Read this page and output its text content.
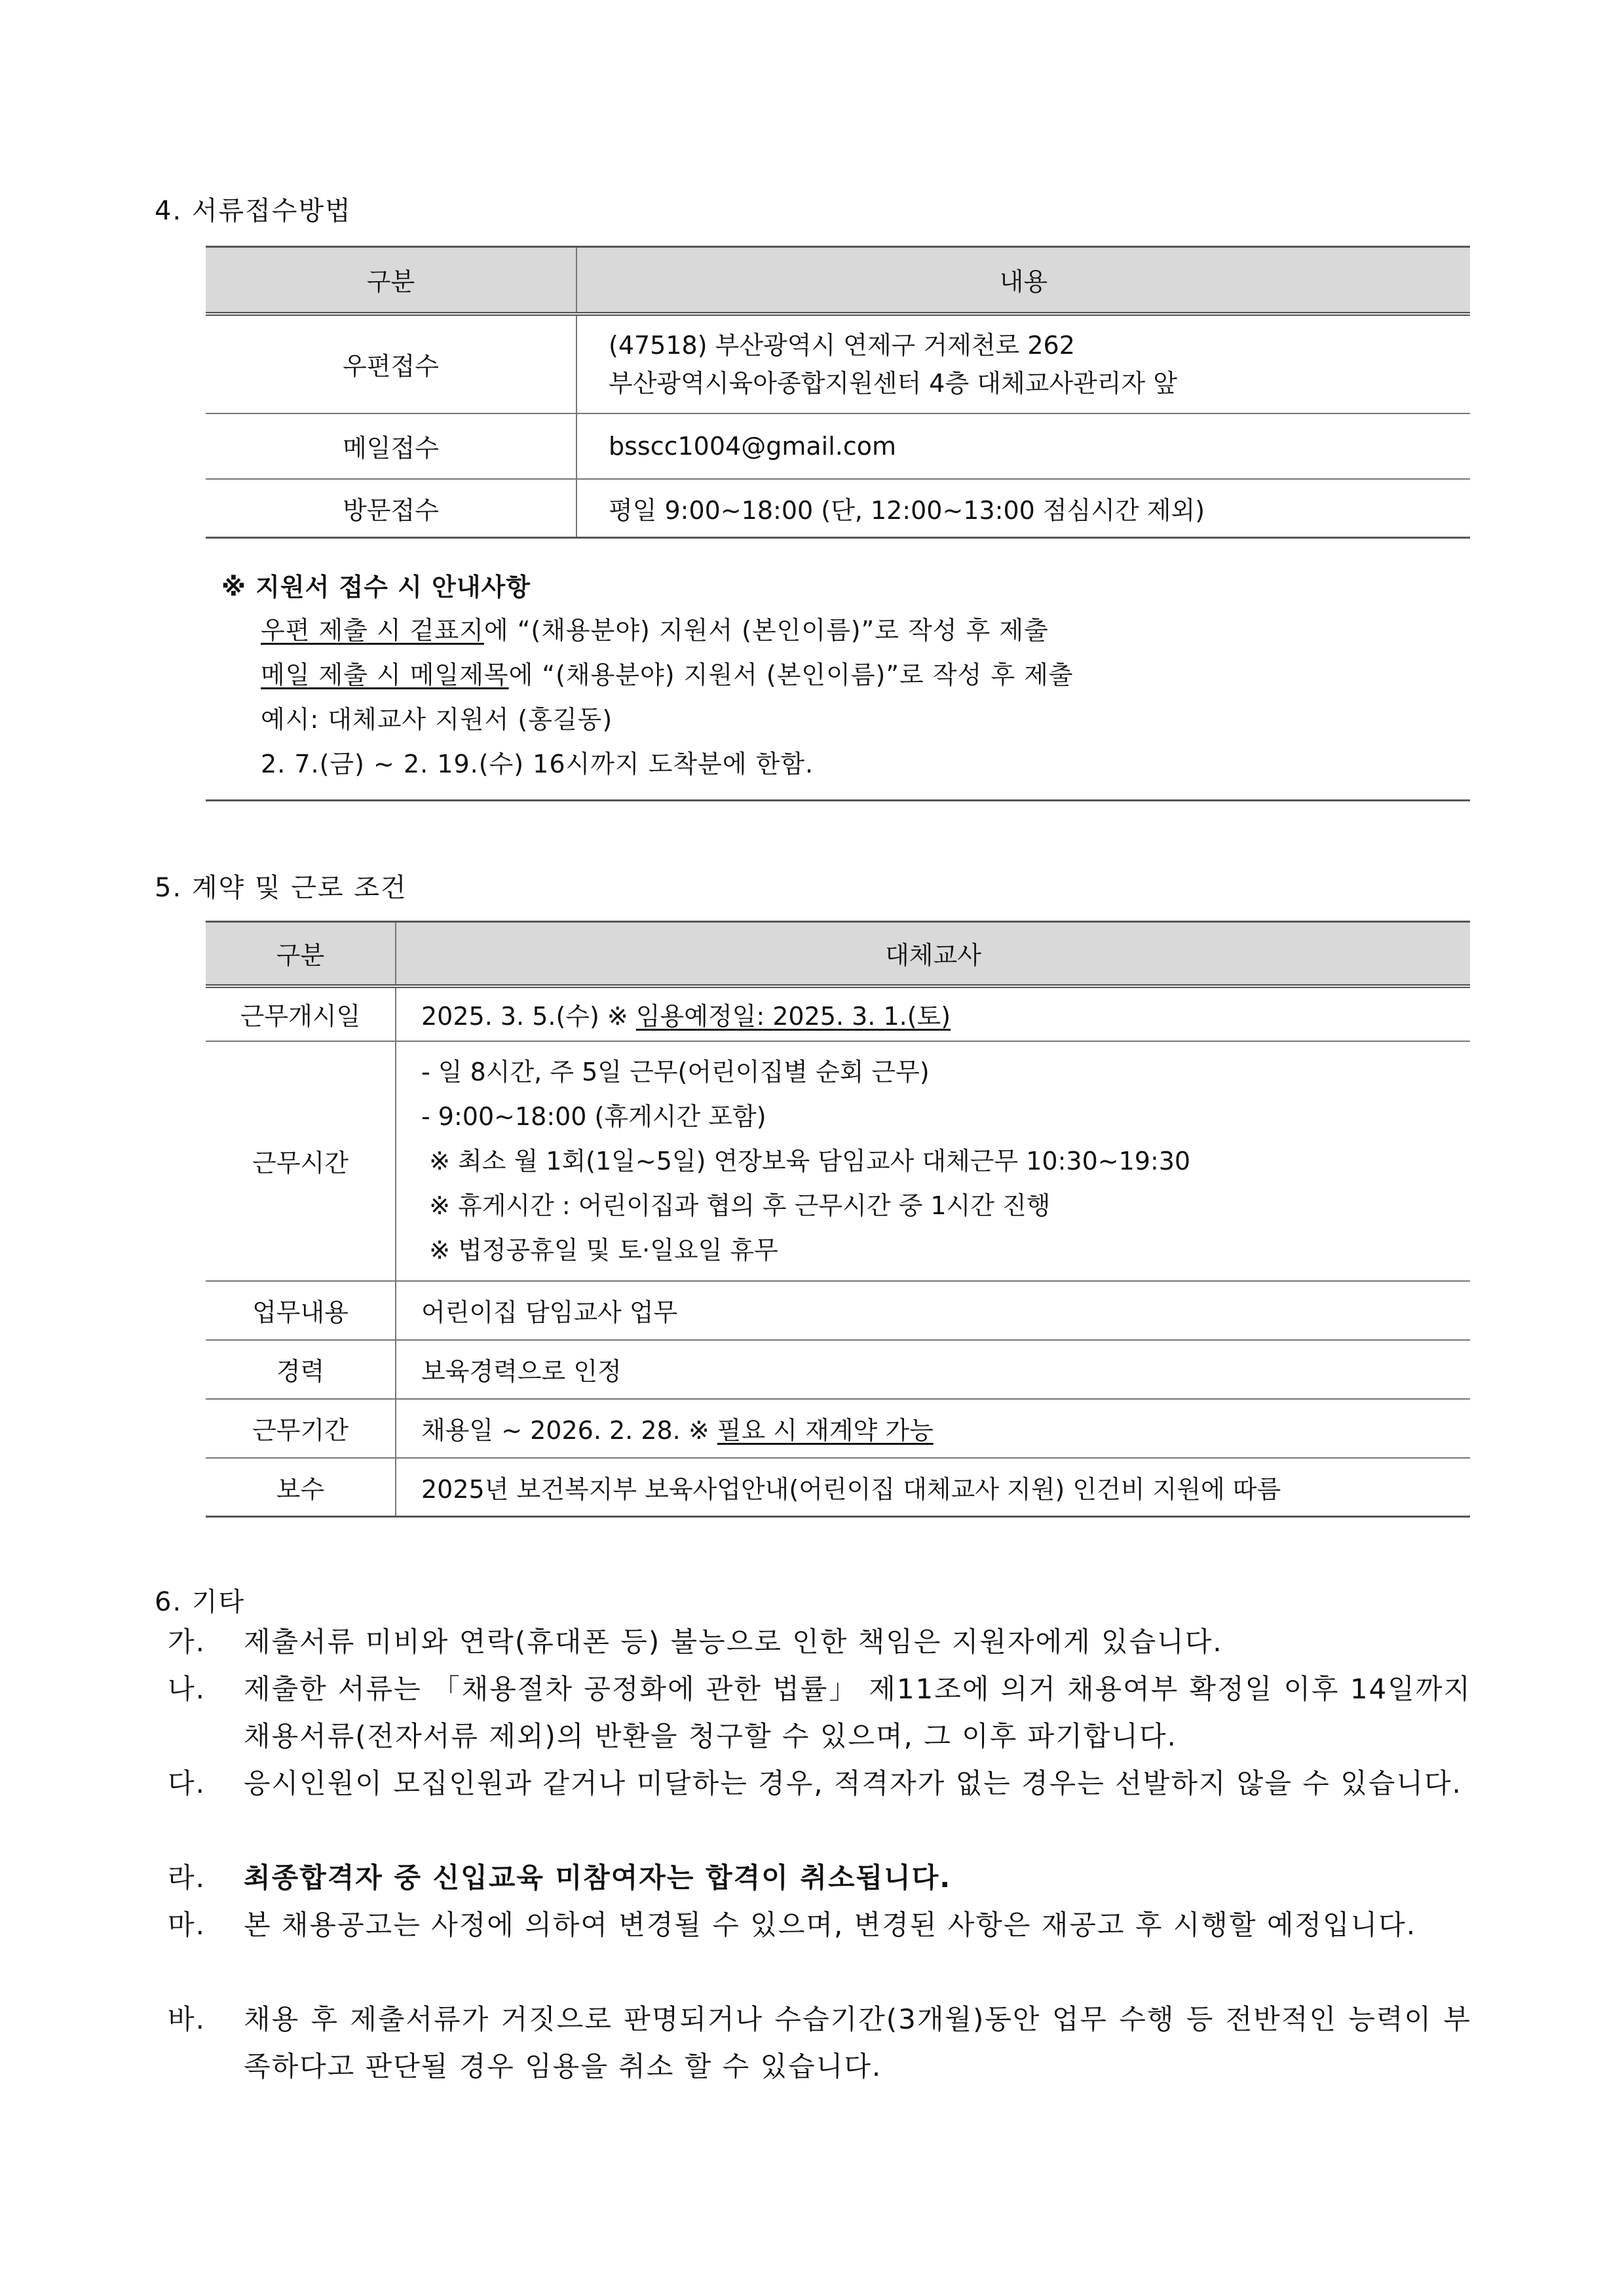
4. 서류접수방법
구분	내용
우편접수	(47518) 부산광역시 연제구 거제천로 262
부산광역시육아종합지원센터 4층 대체교사관리자 앞

메일접수	bsscc1004@gmail.com
방문접수	평일 9:00~18:00 (단, 12:00~13:00 점심시간 제외)
※ 지원서 접수 시 안내사항
우편 제출 시 겉표지에 “(채용분야) 지원서 (본인이름)”로 작성 후 제출
메일 제출 시 메일제목에 “(채용분야) 지원서 (본인이름)”로 작성 후 제출
예시: 대체교사 지원서 (홍길동)
2. 7.(금) ~ 2. 19.(수) 16시까지 도착분에 한함.
5. 계약 및 근로 조건
구분	대체교사
근무개시일	2025. 3. 5.(수) ※ 임용예정일: 2025. 3. 1.(토)
근무시간	- 일 8시간, 주 5일 근무(어린이집별 순회 근무)
- 9:00~18:00 (휴게시간 포함)
※ 최소 월 1회(1일~5일) 연장보육 담임교사 대체근무 10:30~19:30
※ 휴게시간 : 어린이집과 협의 후 근무시간 중 1시간 진행
※ 법정공휴일 및 토·일요일 휴무

업무내용	어린이집 담임교사 업무
경력	보육경력으로 인정
근무기간	채용일 ~ 2026. 2. 28. ※ 필요 시 재계약 가능
보수	2025년 보건복지부 보육사업안내(어린이집 대체교사 지원) 인건비 지원에 따름
6. 기타
가. 제출서류 미비와 연락(휴대폰 등) 불능으로 인한 책임은 지원자에게 있습니다.
나. 제출한 서류는 「채용절차 공정화에 관한 법률」 제11조에 의거 채용여부 확정일 이후 14일까지 채용서류(전자서류 제외)의 반환을 청구할 수 있으며, 그 이후 파기합니다.
다. 응시인원이 모집인원과 같거나 미달하는 경우, 적격자가 없는 경우는 선발하지 않을 수 있습니다.
라. 최종합격자 중 신입교육 미참여자는 합격이 취소됩니다.
마. 본 채용공고는 사정에 의하여 변경될 수 있으며, 변경된 사항은 재공고 후 시행할 예정입니다.
바. 채용 후 제출서류가 거짓으로 판명되거나 수습기간(3개월)동안 업무 수행 등 전반적인 능력이 부족하다고 판단될 경우 임용을 취소 할 수 있습니다.
